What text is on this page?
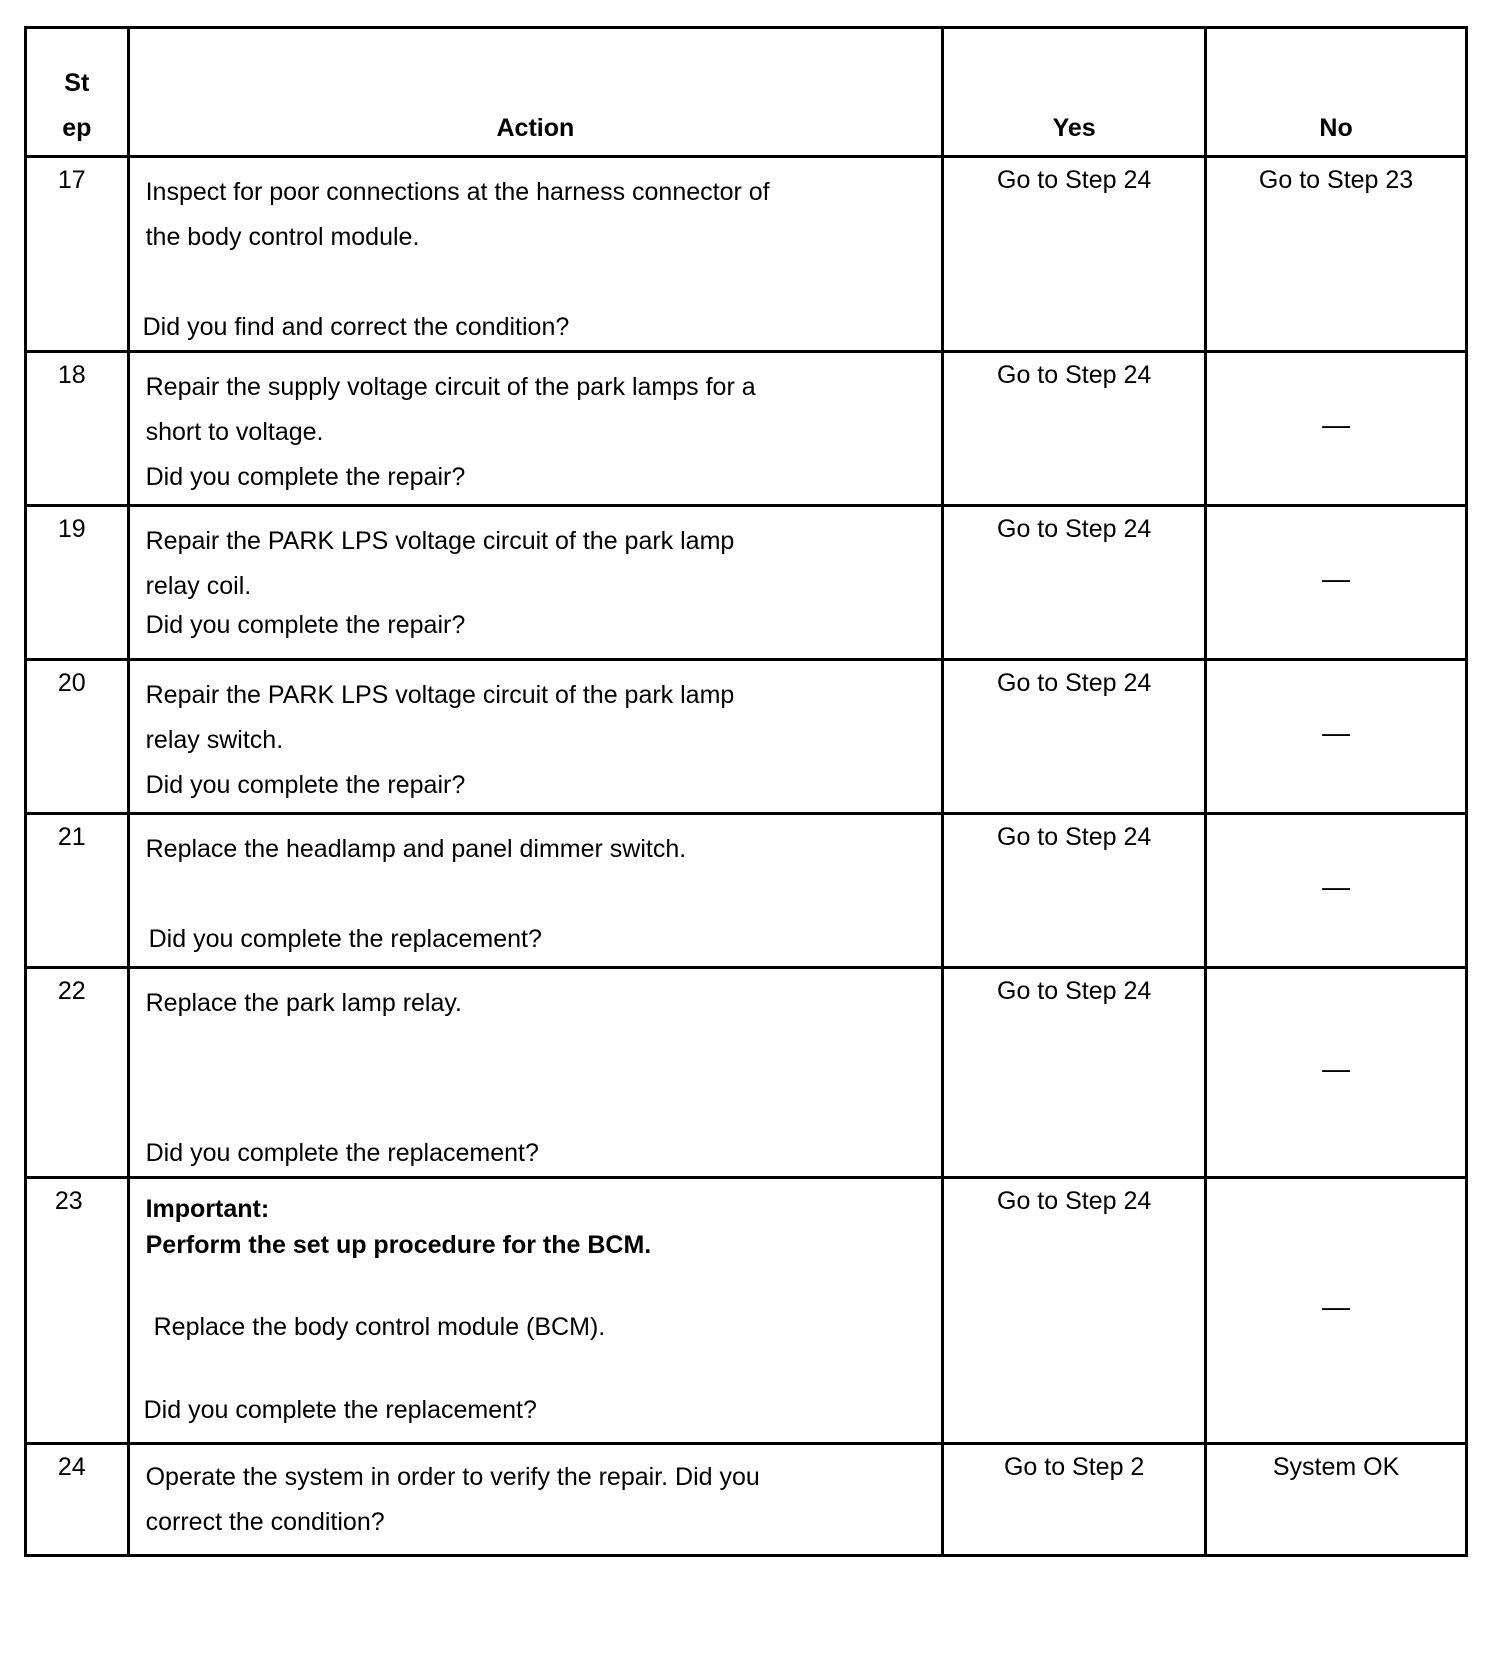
St
ep	Action	Yes	No
17	Inspect for poor connections at the harness connector of
the body control module.

Did you find and correct the condition?	Go to Step 24	Go to Step 23
18	Repair the supply voltage circuit of the park lamps for a
short to voltage.
Did you complete the repair?	Go to Step 24	—
19	Repair the PARK LPS voltage circuit of the park lamp
relay coil.
Did you complete the repair?	Go to Step 24	—
20	Repair the PARK LPS voltage circuit of the park lamp
relay switch.
Did you complete the repair?	Go to Step 24	—
21	Replace the headlamp and panel dimmer switch.

Did you complete the replacement?	Go to Step 24	—
22	Replace the park lamp relay.

Did you complete the replacement?	Go to Step 24	—
23	Important:
Perform the set up procedure for the BCM.

Replace the body control module (BCM).

Did you complete the replacement?	Go to Step 24	—
24	Operate the system in order to verify the repair. Did you
correct the condition?	Go to Step 2	System OK
